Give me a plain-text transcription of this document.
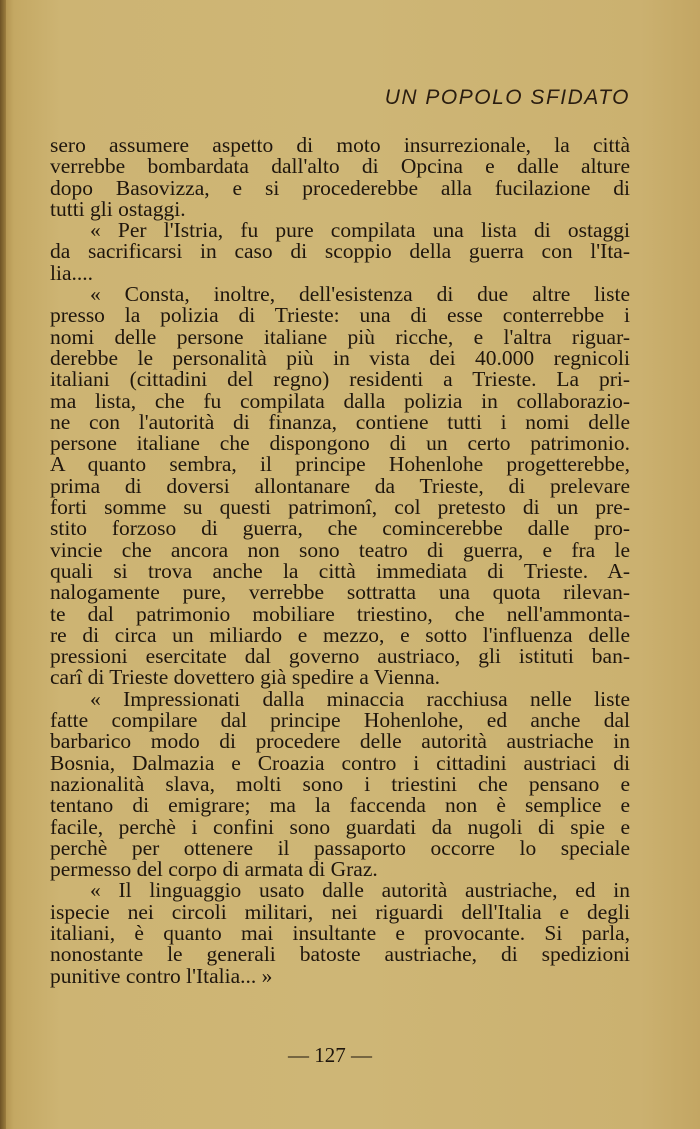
UN POPOLO SFIDATO
sero assumere aspetto di moto insurrezionale, la città
verrebbe bombardata dall'alto di Opcina e dalle alture
dopo Basovizza, e si procederebbe alla fucilazione di
tutti gli ostaggi.
« Per l'Istria, fu pure compilata una lista di ostaggi
da sacrificarsi in caso di scoppio della guerra con l'Ita-
lia....
« Consta, inoltre, dell'esistenza di due altre liste
presso la polizia di Trieste: una di esse conterrebbe i
nomi delle persone italiane più ricche, e l'altra riguar-
derebbe le personalità più in vista dei 40.000 regnicoli
italiani (cittadini del regno) residenti a Trieste. La pri-
ma lista, che fu compilata dalla polizia in collaborazio-
ne con l'autorità di finanza, contiene tutti i nomi delle
persone italiane che dispongono di un certo patrimonio.
A quanto sembra, il principe Hohenlohe progetterebbe,
prima di doversi allontanare da Trieste, di prelevare
forti somme su questi patrimonî, col pretesto di un pre-
stito forzoso di guerra, che comincerebbe dalle pro-
vincie che ancora non sono teatro di guerra, e fra le
quali si trova anche la città immediata di Trieste. A-
nalogamente pure, verrebbe sottratta una quota rilevan-
te dal patrimonio mobiliare triestino, che nell'ammonta-
re di circa un miliardo e mezzo, e sotto l'influenza delle
pressioni esercitate dal governo austriaco, gli istituti ban-
carî di Trieste dovettero già spedire a Vienna.
« Impressionati dalla minaccia racchiusa nelle liste
fatte compilare dal principe Hohenlohe, ed anche dal
barbarico modo di procedere delle autorità austriache in
Bosnia, Dalmazia e Croazia contro i cittadini austriaci di
nazionalità slava, molti sono i triestini che pensano e
tentano di emigrare; ma la faccenda non è semplice e
facile, perchè i confini sono guardati da nugoli di spie e
perchè per ottenere il passaporto occorre lo speciale
permesso del corpo di armata di Graz.
« Il linguaggio usato dalle autorità austriache, ed in
ispecie nei circoli militari, nei riguardi dell'Italia e degli
italiani, è quanto mai insultante e provocante. Si parla,
nonostante le generali batoste austriache, di spedizioni
punitive contro l'Italia... »
— 127 —
